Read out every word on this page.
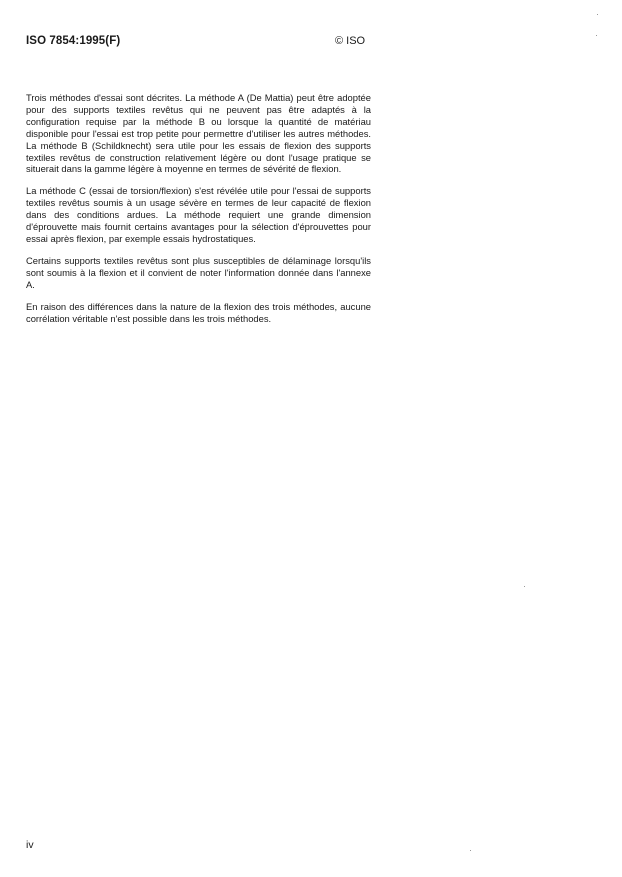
ISO 7854:1995(F)	© ISO

Trois méthodes d'essai sont décrites. La méthode A (De Mattia) peut être adoptée pour des supports textiles revêtus qui ne peuvent pas être adaptés à la configuration requise par la méthode B ou lorsque la quantité de matériau disponible pour l'essai est trop petite pour permettre d'utiliser les autres méthodes. La méthode B (Schildknecht) sera utile pour les essais de flexion des supports textiles revêtus de construction relativement légère ou dont l'usage pratique se situerait dans la gamme légère à moyenne en termes de sévérité de flexion.

La méthode C (essai de torsion/flexion) s'est révélée utile pour l'essai de supports textiles revêtus soumis à un usage sévère en termes de leur capacité de flexion dans des conditions ardues. La méthode requiert une grande dimension d'éprouvette mais fournit certains avantages pour la sélection d'éprouvettes pour essai après flexion, par exemple essais hydrostatiques.

Certains supports textiles revêtus sont plus susceptibles de délaminage lorsqu'ils sont soumis à la flexion et il convient de noter l'information donnée dans l'annexe A.

En raison des différences dans la nature de la flexion des trois méthodes, aucune corrélation véritable n'est possible dans les trois méthodes.

iv
